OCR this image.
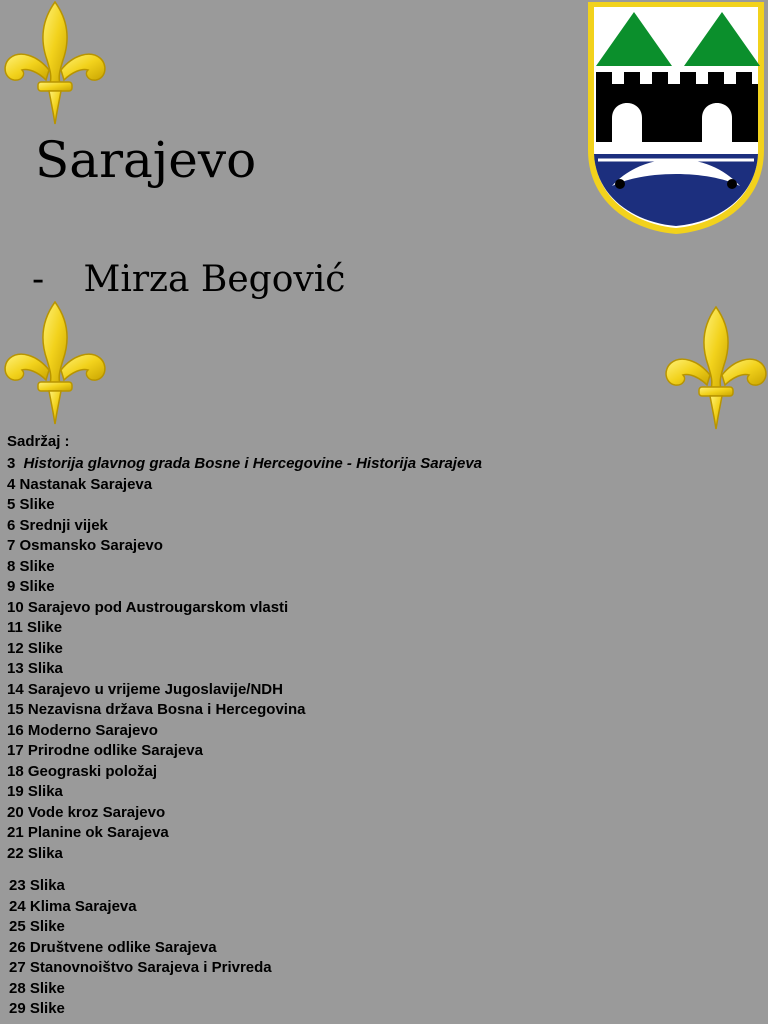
Sarajevo
- Mirza Begović
Sadržaj :
3 Historija glavnog grada Bosne i Hercegovine - Historija Sarajeva
4 Nastanak Sarajeva
5 Slike
6 Srednji vijek
7 Osmansko Sarajevo
8 Slike
9 Slike
10 Sarajevo pod Austrougarskom vlasti
11 Slike
12 Slike
13 Slika
14 Sarajevo u vrijeme Jugoslavije/NDH
15 Nezavisna država Bosna i Hercegovina
16 Moderno Sarajevo
17 Prirodne odlike Sarajeva
18 Geograski položaj
19 Slika
20 Vode kroz Sarajevo
21 Planine ok Sarajeva
22 Slika
23 Slika
24 Klima Sarajeva
25 Slike
26 Društvene odlike Sarajeva
27 Stanovnoištvo Sarajeva i Privreda
28 Slike
29 Slike
